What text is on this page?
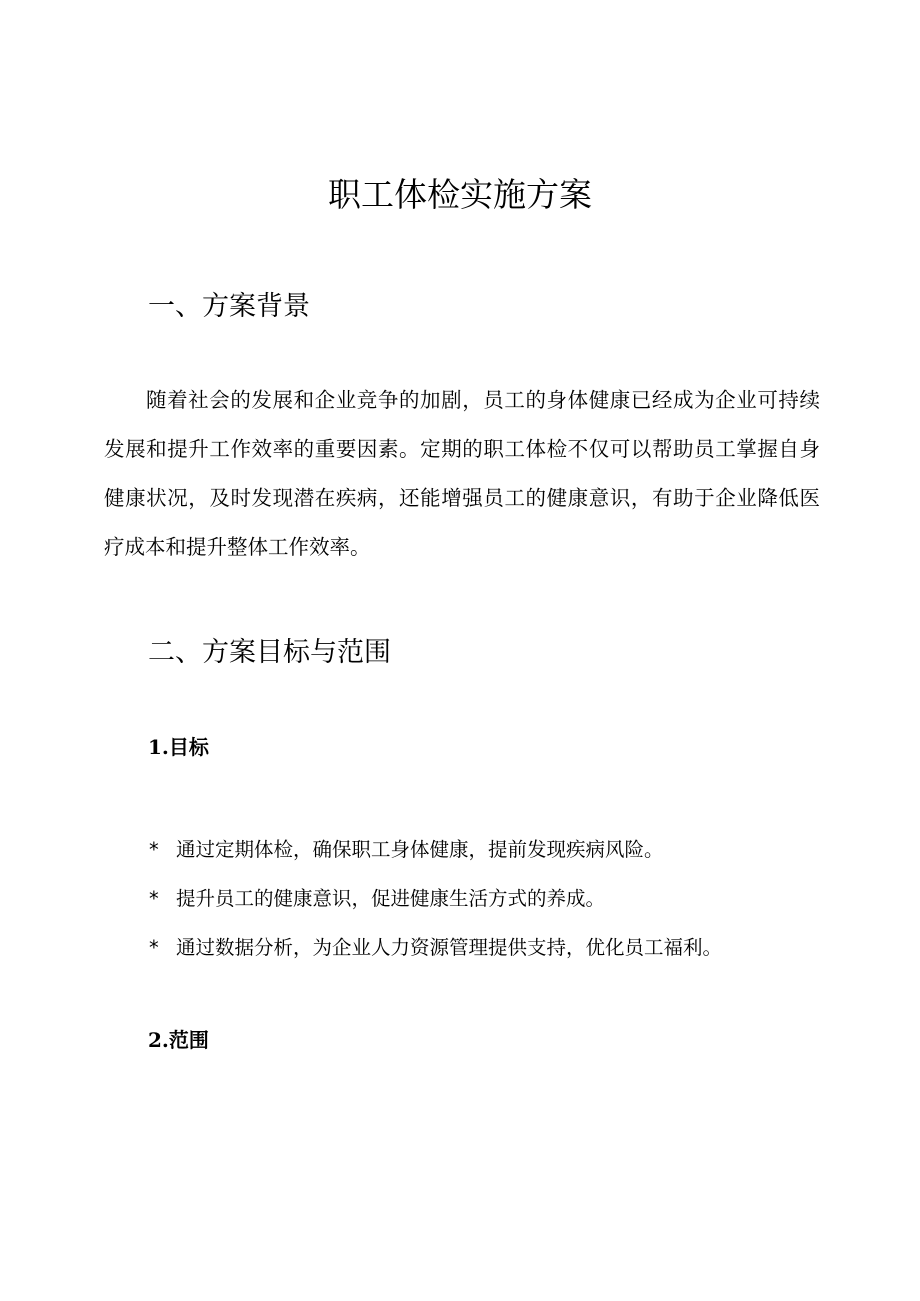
职工体检实施方案
一、方案背景

随着社会的发展和企业竞争的加剧，员工的身体健康已经成为企业可持续发展和提升工作效率的重要因素。定期的职工体检不仅可以帮助员工掌握自身健康状况，及时发现潜在疾病，还能增强员工的健康意识，有助于企业降低医疗成本和提升整体工作效率。

二、方案目标与范围
1.目标
* 通过定期体检，确保职工身体健康，提前发现疾病风险。
* 提升员工的健康意识，促进健康生活方式的养成。
* 通过数据分析，为企业人力资源管理提供支持，优化员工福利。
2.范围
